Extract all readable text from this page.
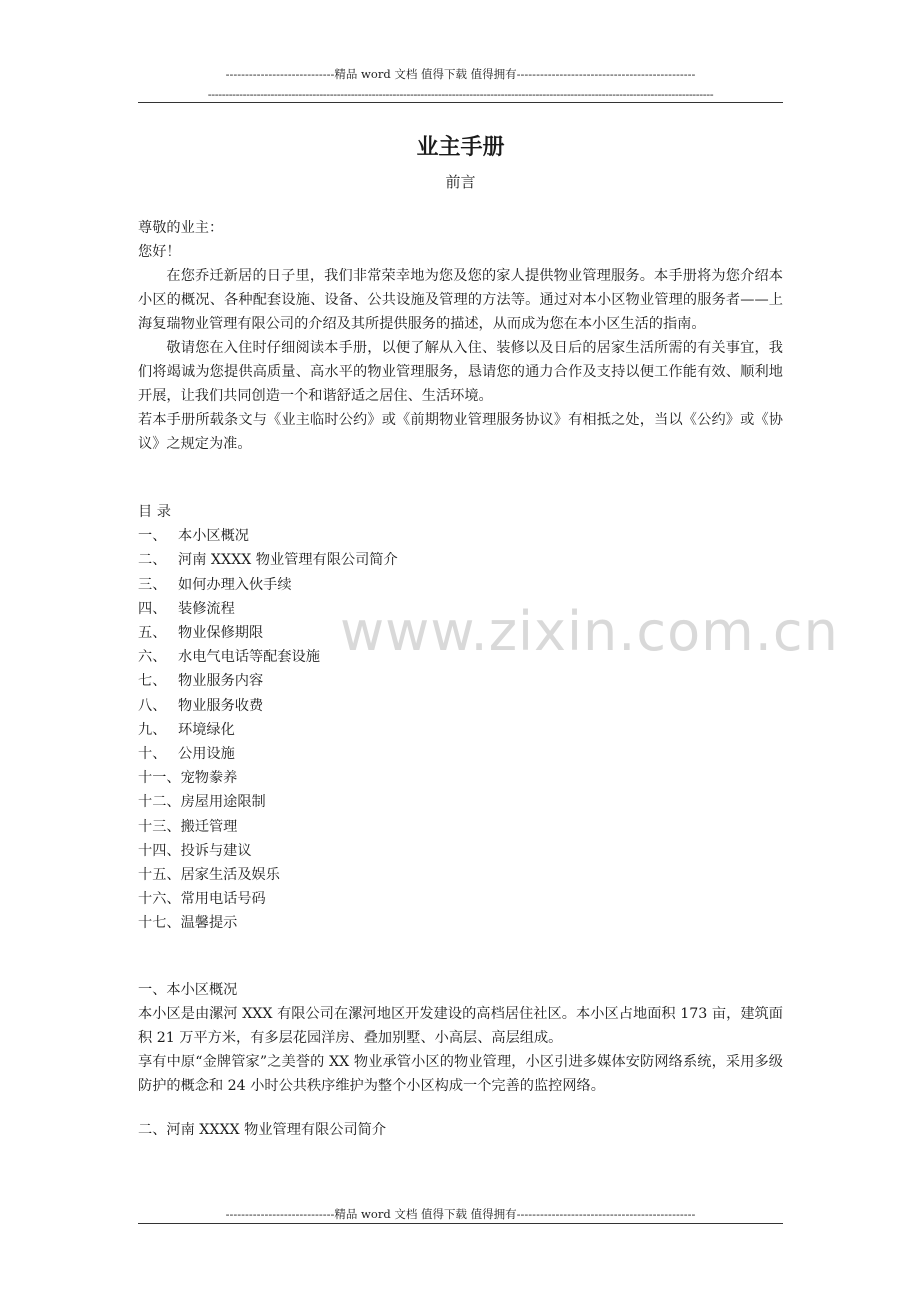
----------------------------精品 word 文档 值得下载 值得拥有----------------------------------------------
-------------------------------------------------------------------------------------------------------------------------------------------------
www.zixin.com.cn
业主手册
前言

尊敬的业主：

您好！

在您乔迁新居的日子里，我们非常荣幸地为您及您的家人提供物业管理服务。本手册将为您介绍本小区的概况、各种配套设施、设备、公共设施及管理的方法等。通过对本小区物业管理的服务者——上海复瑞物业管理有限公司的介绍及其所提供服务的描述，从而成为您在本小区生活的指南。

敬请您在入住时仔细阅读本手册，以便了解从入住、装修以及日后的居家生活所需的有关事宜，我们将竭诚为您提供高质量、高水平的物业管理服务，恳请您的通力合作及支持以便工作能有效、顺利地开展，让我们共同创造一个和谐舒适之居住、生活环境。

若本手册所载条文与《业主临时公约》或《前期物业管理服务协议》有相抵之处，当以《公约》或《协议》之规定为准。

目 录
一、 本小区概况
二、 河南 XXXX 物业管理有限公司简介
三、 如何办理入伙手续
四、 装修流程
五、 物业保修期限
六、 水电气电话等配套设施
七、 物业服务内容
八、 物业服务收费
九、 环境绿化
十、 公用设施
十一、宠物豢养
十二、房屋用途限制
十三、搬迁管理
十四、投诉与建议
十五、居家生活及娱乐
十六、常用电话号码
十七、温馨提示

一、本小区概况

本小区是由漯河 XXX 有限公司在漯河地区开发建设的高档居住社区。本小区占地面积 173 亩，建筑面积 21 万平方米，有多层花园洋房、叠加别墅、小高层、高层组成。

享有中原“金牌管家”之美誉的 XX 物业承管小区的物业管理，小区引进多媒体安防网络系统，采用多级防护的概念和 24 小时公共秩序维护为整个小区构成一个完善的监控网络。

二、河南 XXXX 物业管理有限公司简介

----------------------------精品 word 文档 值得下载 值得拥有----------------------------------------------
